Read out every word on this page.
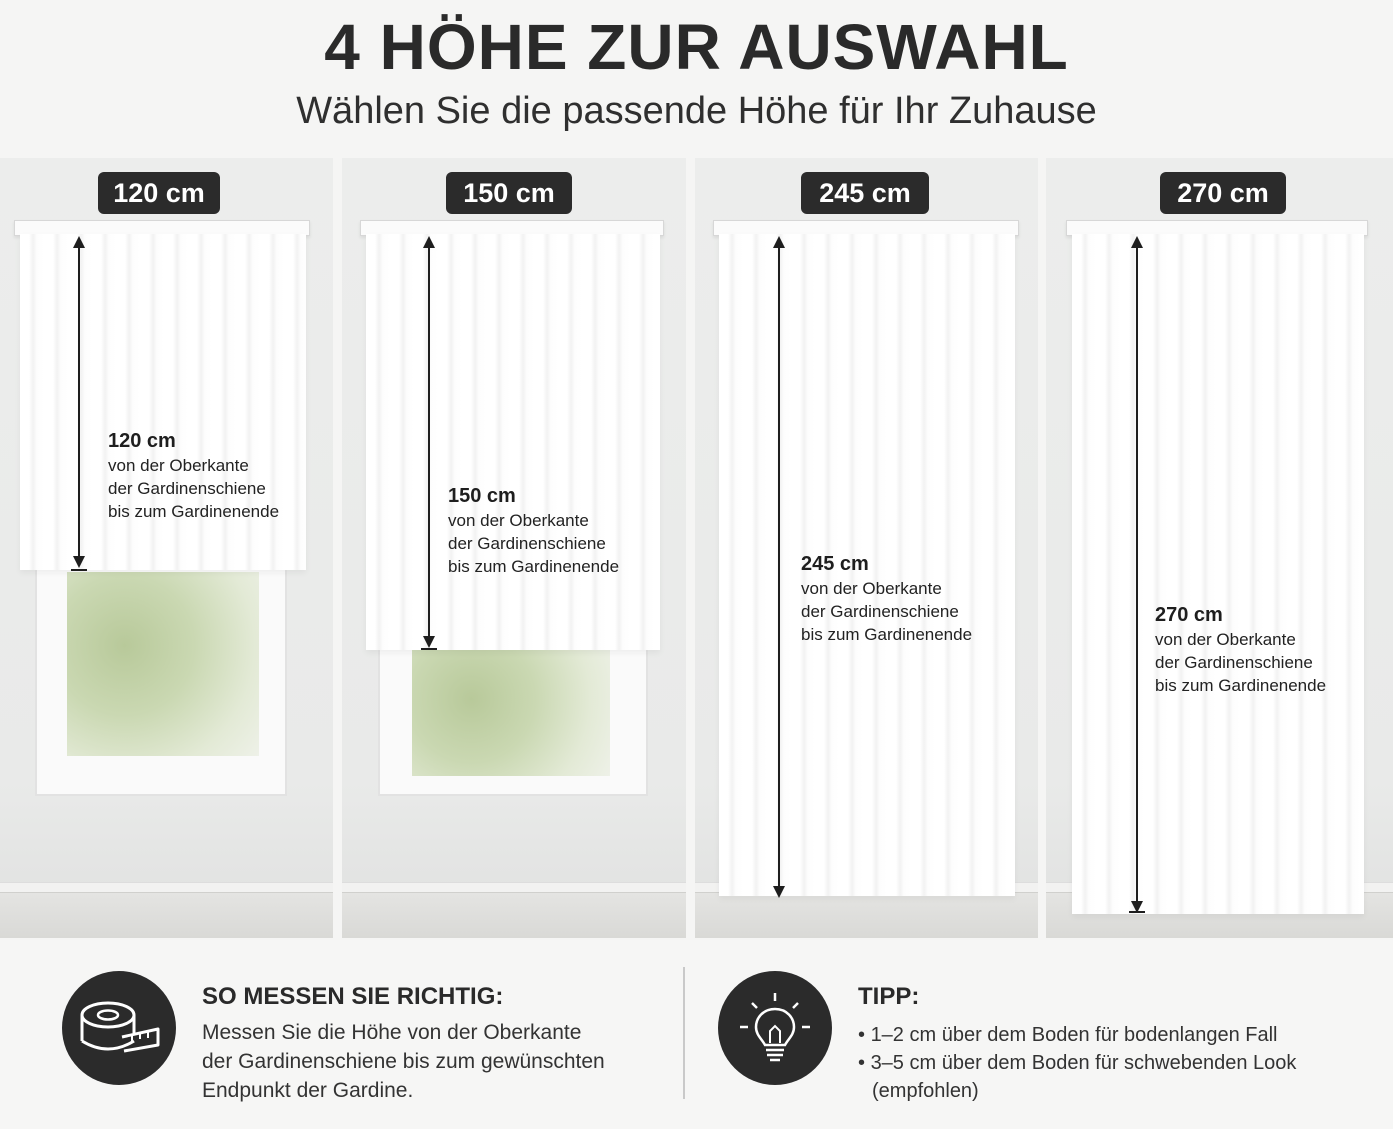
4 HÖHE ZUR AUSWAHL
Wählen Sie die passende Höhe für Ihr Zuhause
120 cm
von der Oberkante
der Gardinenschiene
bis zum Gardinenende
120 cm
150 cm
von der Oberkante
der Gardinenschiene
bis zum Gardinenende
150 cm
245 cm
von der Oberkante
der Gardinenschiene
bis zum Gardinenende
245 cm
270 cm
von der Oberkante
der Gardinenschiene
bis zum Gardinenende
270 cm
SO MESSEN SIE RICHTIG:
Messen Sie die Höhe von der Oberkante
der Gardinenschiene bis zum gewünschten
Endpunkt der Gardine.
TIPP:
• 1–2 cm über dem Boden für bodenlangen Fall
• 3–5 cm über dem Boden für schwebenden Look
(empfohlen)
